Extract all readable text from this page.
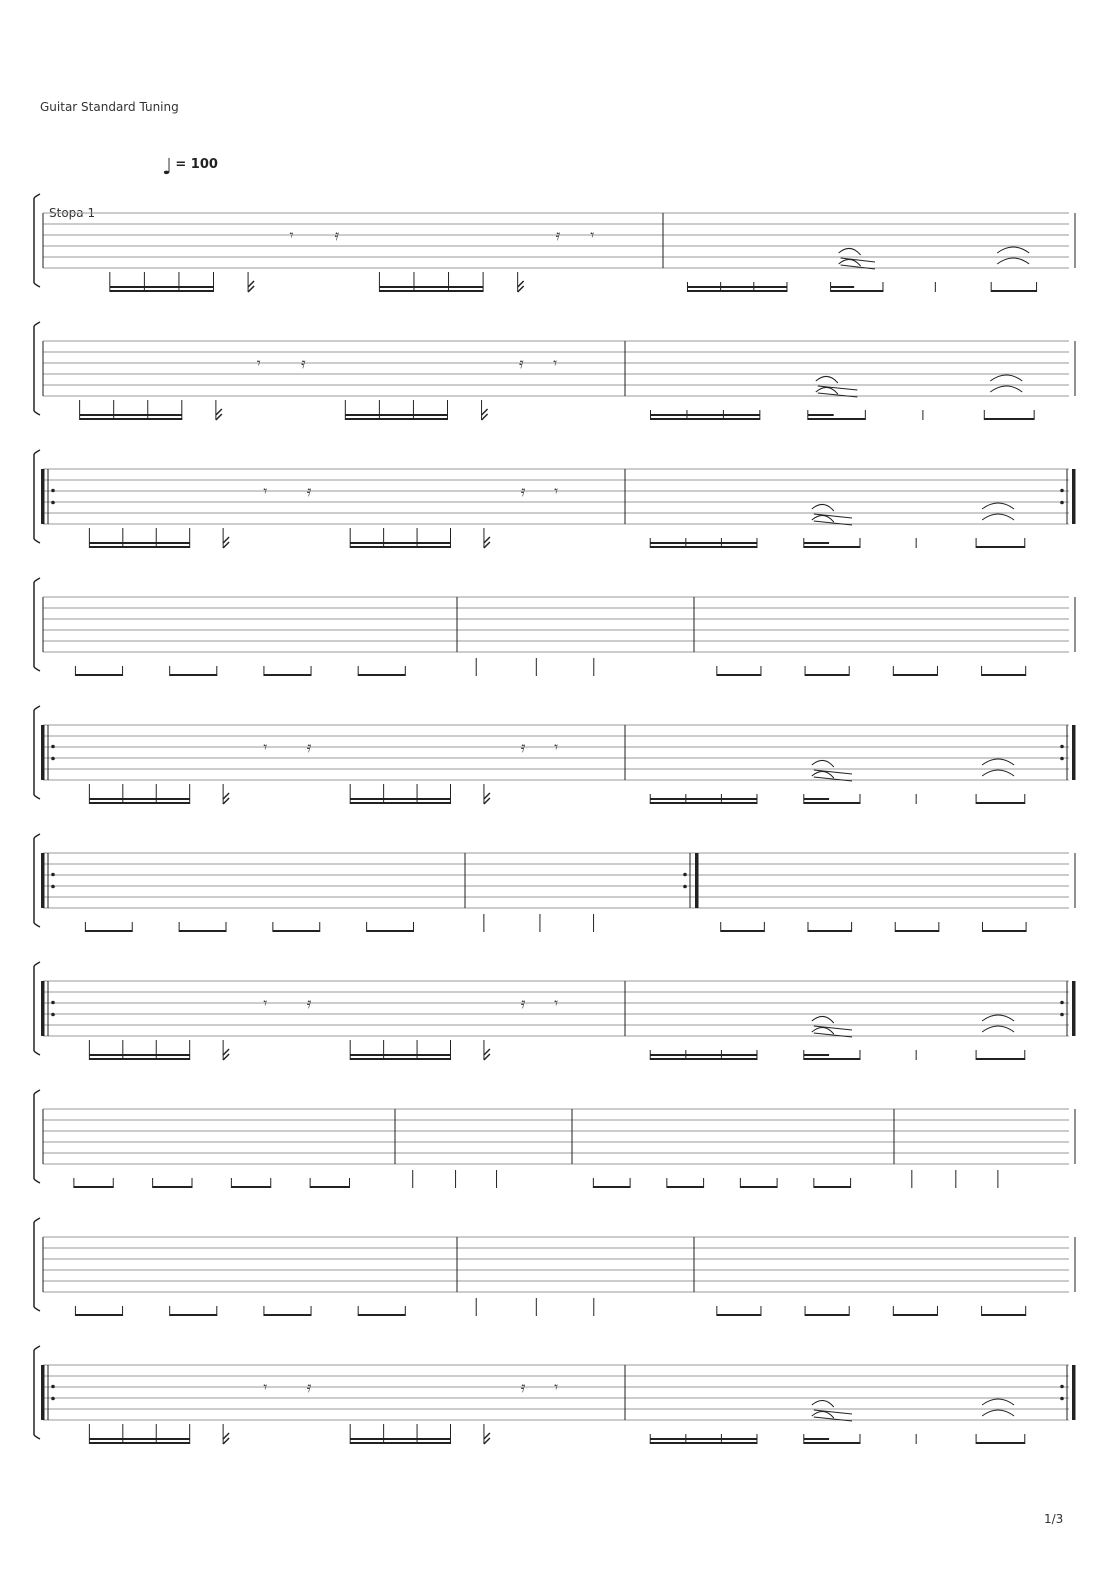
Guitar Standard Tuning
♩ = 100
Stopa 1
𝄾	𝄿	𝄿 𝄾
𝄾	𝄿	𝄿 𝄾
𝄾	𝄿	𝄿 𝄾
𝄾	𝄿	𝄿 𝄾
𝄾	𝄿	𝄿 𝄾
𝄾	𝄿	𝄿 𝄾
1/3
